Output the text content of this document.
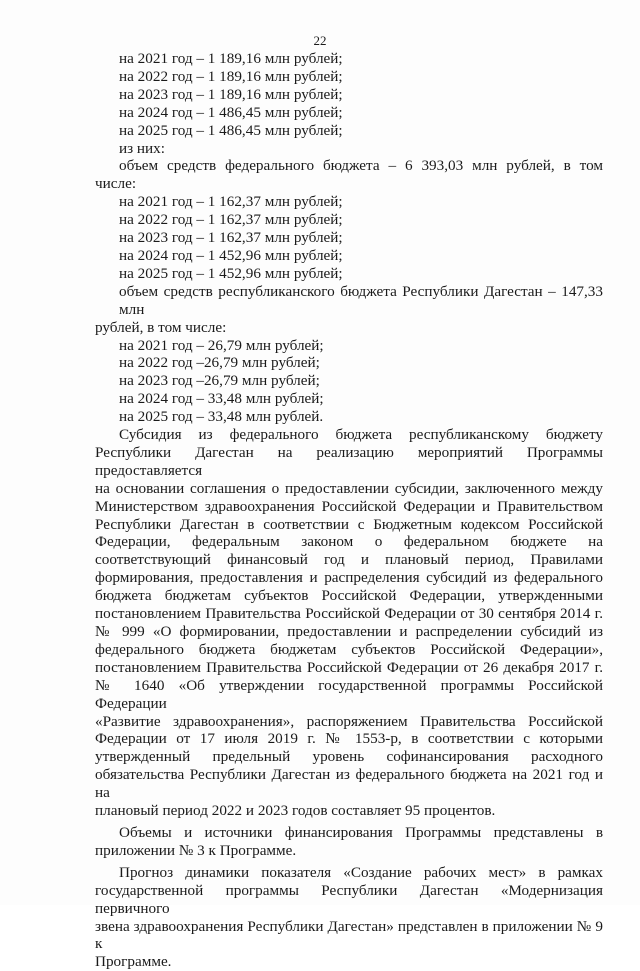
22
на 2021 год – 1 189,16 млн рублей;
на 2022 год – 1 189,16 млн рублей;
на 2023 год – 1 189,16 млн рублей;
на 2024 год – 1 486,45 млн рублей;
на 2025 год – 1 486,45 млн рублей;
из них:
объем средств федерального бюджета – 6 393,03 млн рублей, в том
числе:
на 2021 год – 1 162,37 млн рублей;
на 2022 год – 1 162,37 млн рублей;
на 2023 год – 1 162,37 млн рублей;
на 2024 год – 1 452,96 млн рублей;
на 2025 год – 1 452,96 млн рублей;
объем средств республиканского бюджета Республики Дагестан – 147,33 млн
рублей, в том числе:
на 2021 год – 26,79 млн рублей;
на 2022 год –26,79 млн рублей;
на 2023 год –26,79 млн рублей;
на 2024 год – 33,48 млн рублей;
на 2025 год – 33,48 млн рублей.
Субсидия из федерального бюджета республиканскому бюджету
Республики Дагестан на реализацию мероприятий Программы предоставляется
на основании соглашения о предоставлении субсидии, заключенного между
Министерством здравоохранения Российской Федерации и Правительством
Республики Дагестан в соответствии с Бюджетным кодексом Российской
Федерации, федеральным законом о федеральном бюджете на
соответствующий финансовый год и плановый период, Правилами
формирования, предоставления и распределения субсидий из федерального
бюджета бюджетам субъектов Российской Федерации, утвержденными
постановлением Правительства Российской Федерации от 30 сентября 2014 г.
№ 999 «О формировании, предоставлении и распределении субсидий из
федерального бюджета бюджетам субъектов Российской Федерации»,
постановлением Правительства Российской Федерации от 26 декабря 2017 г.
№ 1640 «Об утверждении государственной программы Российской Федерации
«Развитие здравоохранения», распоряжением Правительства Российской
Федерации от 17 июля 2019 г. № 1553-р, в соответствии с которыми
утвержденный предельный уровень софинансирования расходного
обязательства Республики Дагестан из федерального бюджета на 2021 год и на
плановый период 2022 и 2023 годов составляет 95 процентов.
Объемы и источники финансирования Программы представлены в
приложении № 3 к Программе.
Прогноз динамики показателя «Создание рабочих мест» в рамках
государственной программы Республики Дагестан «Модернизация первичного
звена здравоохранения Республики Дагестан» представлен в приложении № 9 к
Программе.
